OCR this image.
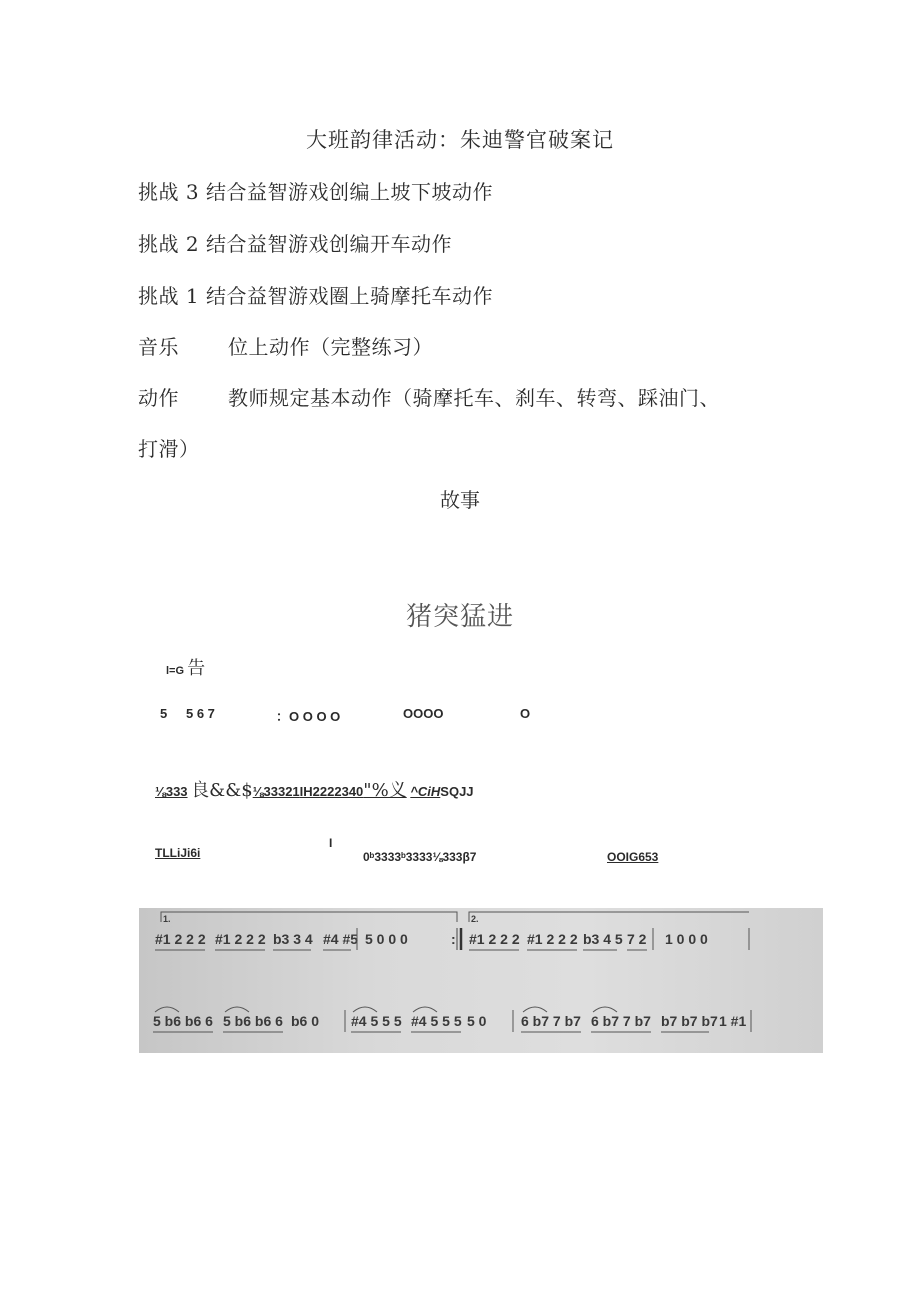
大班韵律活动：朱迪警官破案记
挑战 3 结合益智游戏创编上坡下坡动作
挑战 2 结合益智游戏创编开车动作
挑战 1 结合益智游戏圈上骑摩托车动作
音乐 位上动作（完整练习）
动作 教师规定基本动作（骑摩托车、刹车、转弯、踩油门、
打滑）
故事
猪突猛进
l=G 告
5 5 6 7	：O O O O	OOOO	O
⅛333 良&&$⅛33321IH2222340"%义 ^CiHSQJJ
TLLiJi6i
I
0ᵇ3333ᵇ3333⅛333β7	OOIG653
1.	2.
#1 2 2 2 #1 2 2 2 b3 3 4 #4 #5 5 0 0 0	: #1 2 2 2 #1 2 2 2 b3 4 5 7 2 1 0 0 0
5 b6 b6 6 5 b6 b6 6 b6 0 #4 5 5 5 #4 5 5 5 5 0 6 b7 7 b7 6 b7 7 b7 b7 b7 b7 1 #1
